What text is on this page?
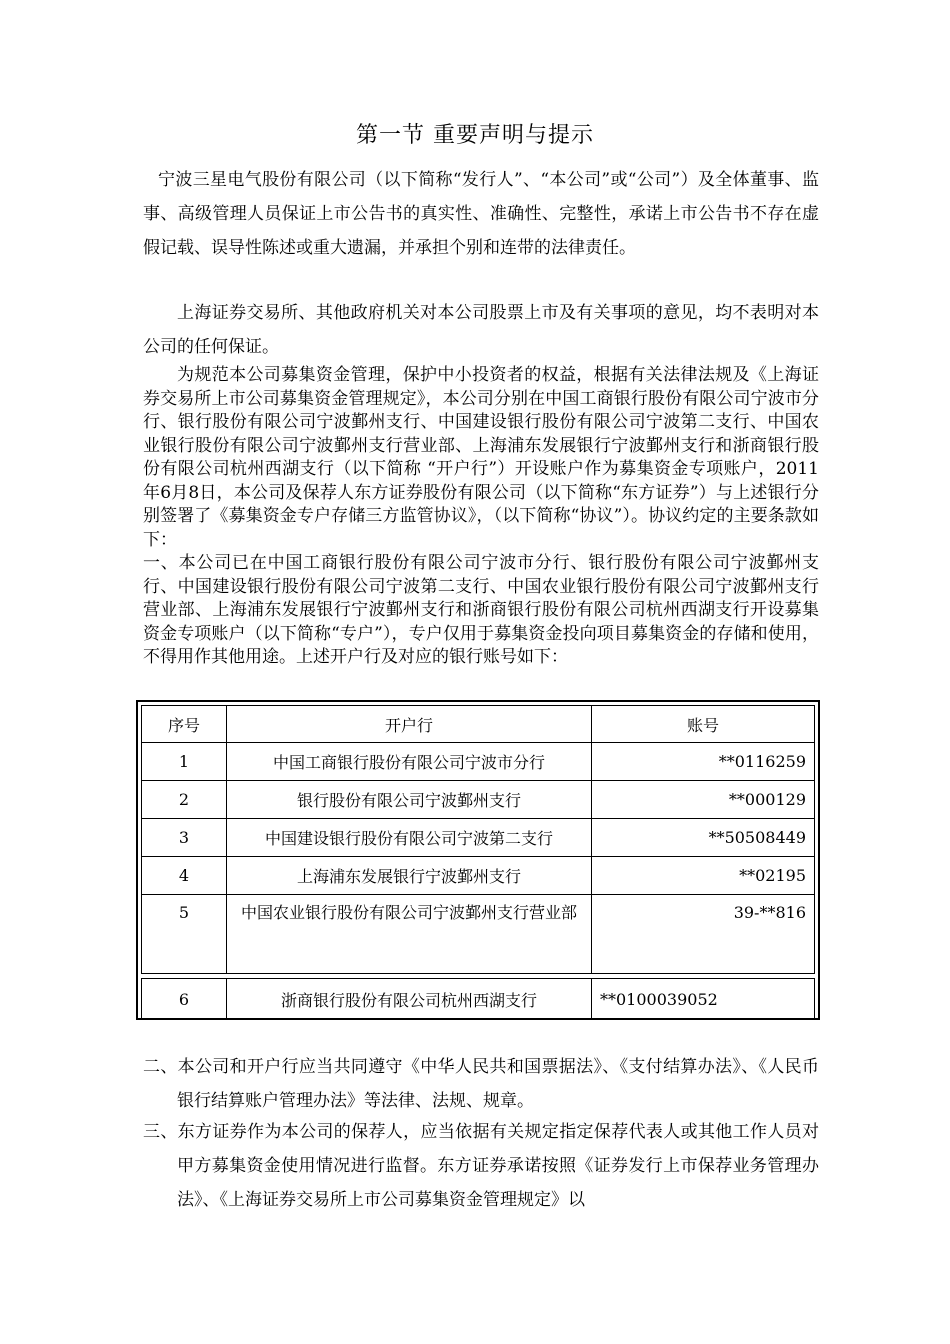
第一节 重要声明与提示

宁波三星电气股份有限公司（以下简称“发行人”、“本公司”或“公司”）及全体董事、监事、高级管理人员保证上市公告书的真实性、准确性、完整性，承诺上市公告书不存在虚假记载、误导性陈述或重大遗漏，并承担个别和连带的法律责任。

上海证券交易所、其他政府机关对本公司股票上市及有关事项的意见，均不表明对本公司的任何保证。

为规范本公司募集资金管理，保护中小投资者的权益，根据有关法律法规及《上海证券交易所上市公司募集资金管理规定》，本公司分别在中国工商银行股份有限公司宁波市分行、银行股份有限公司宁波鄞州支行、中国建设银行股份有限公司宁波第二支行、中国农业银行股份有限公司宁波鄞州支行营业部、上海浦东发展银行宁波鄞州支行和浙商银行股份有限公司杭州西湖支行（以下简称 “开户行”）开设账户作为募集资金专项账户，2011年6月8日，本公司及保荐人东方证券股份有限公司（以下简称“东方证券”）与上述银行分别签署了《募集资金专户存储三方监管协议》，（以下简称“协议”）。协议约定的主要条款如下：

一、本公司已在中国工商银行股份有限公司宁波市分行、银行股份有限公司宁波鄞州支行、中国建设银行股份有限公司宁波第二支行、中国农业银行股份有限公司宁波鄞州支行营业部、上海浦东发展银行宁波鄞州支行和浙商银行股份有限公司杭州西湖支行开设募集资金专项账户（以下简称“专户”），专户仅用于募集资金投向项目募集资金的存储和使用，不得用作其他用途。上述开户行及对应的银行账号如下：

序号	开户行	账号
1	中国工商银行股份有限公司宁波市分行	**0116259
2	银行股份有限公司宁波鄞州支行	**000129
3	中国建设银行股份有限公司宁波第二支行	**50508449
4	上海浦东发展银行宁波鄞州支行	**02195
5	中国农业银行股份有限公司宁波鄞州支行营业部	39-**816

6	浙商银行股份有限公司杭州西湖支行	**0100039052

二、本公司和开户行应当共同遵守《中华人民共和国票据法》、《支付结算办法》、《人民币银行结算账户管理办法》等法律、法规、规章。

三、东方证券作为本公司的保荐人，应当依据有关规定指定保荐代表人或其他工作人员对甲方募集资金使用情况进行监督。东方证券承诺按照《证券发行上市保荐业务管理办法》、《上海证券交易所上市公司募集资金管理规定》以
